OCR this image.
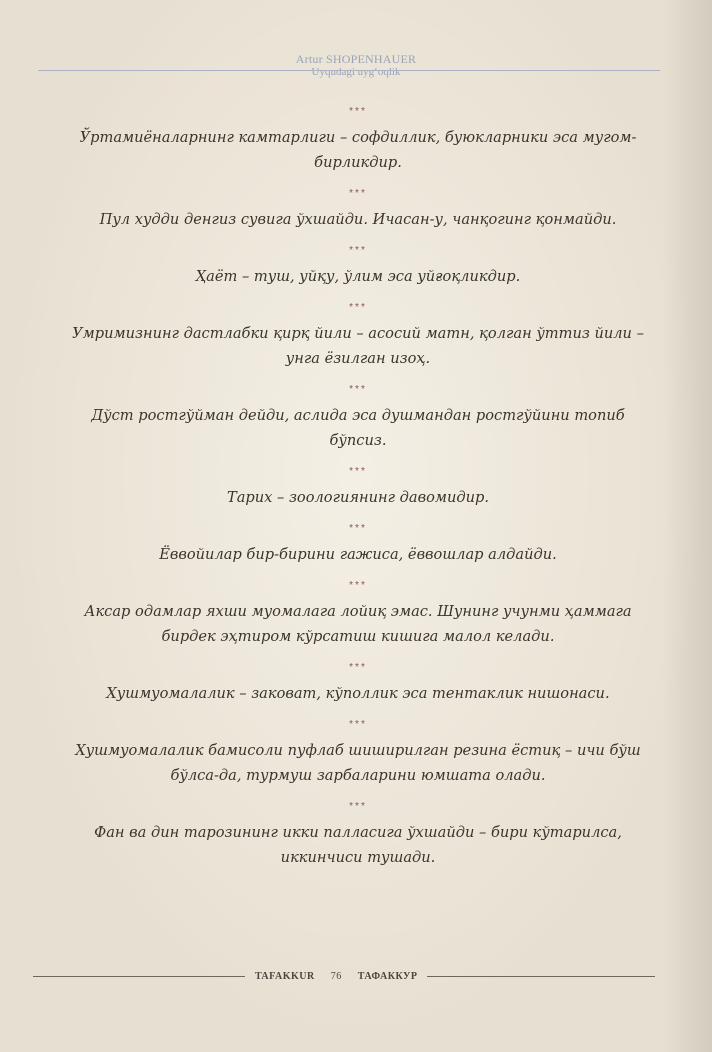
Artur SHOPENHAUER
Uyqudagi uyg‘oqlik
***
Ўртамиёналарнинг камтарлиги – софдиллик, буюкларники эса мугом-
бирликдир.
***
Пул худди денгиз сувига ўхшайди. Ичасан-у, чанқогинг қонмайди.
***
Ҳаёт – туш, уйқу, ўлим эса уйғоқликдир.
***
Умримизнинг дастлабки қирқ йили – асосий матн, қолган ўттиз йили –
унга ёзилган изоҳ.
***
Дўст ростгўйман дейди, аслида эса душмандан ростгўйини топиб
бўпсиз.
***
Тарих – зоологиянинг давомидир.
***
Ёввойилар бир-бирини гажиса, ёввошлар алдайди.
***
Аксар одамлар яхши муомалага лойиқ эмас. Шунинг учунми ҳаммага
бирдек эҳтиром кўрсатиш кишига малол келади.
***
Хушмуомалалик – заковат, кўполлик эса тентаклик нишонаси.
***
Хушмуомалалик бамисоли пуфлаб шиширилган резина ёстиқ – ичи бўш
бўлса-да, турмуш зарбаларини юмшата олади.
***
Фан ва дин тарозининг икки палласига ўхшайди – бири кўтарилса,
иккинчиси тушади.
TAFAKKUR 76 ТАФАККУР
